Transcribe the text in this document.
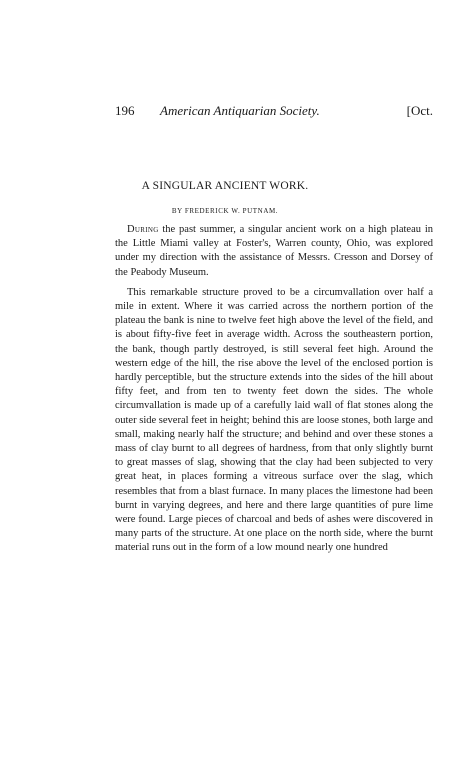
196 American Antiquarian Society.	[Oct.
A SINGULAR ANCIENT WORK.
BY FREDERICK W. PUTNAM.

During the past summer, a singular ancient work on a high plateau in the Little Miami valley at Foster's, Warren county, Ohio, was explored under my direction with the assistance of Messrs. Cresson and Dorsey of the Peabody Museum.

This remarkable structure proved to be a circumvallation over half a mile in extent. Where it was carried across the northern portion of the plateau the bank is nine to twelve feet high above the level of the field, and is about fifty-five feet in average width. Across the southeastern portion, the bank, though partly destroyed, is still several feet high. Around the western edge of the hill, the rise above the level of the enclosed portion is hardly perceptible, but the structure extends into the sides of the hill about fifty feet, and from ten to twenty feet down the sides. The whole circumvallation is made up of a carefully laid wall of flat stones along the outer side several feet in height; behind this are loose stones, both large and small, making nearly half the structure; and behind and over these stones a mass of clay burnt to all degrees of hardness, from that only slightly burnt to great masses of slag, showing that the clay had been subjected to very great heat, in places forming a vitreous surface over the slag, which resembles that from a blast furnace. In many places the limestone had been burnt in varying degrees, and here and there large quantities of pure lime were found. Large pieces of charcoal and beds of ashes were discovered in many parts of the structure. At one place on the north side, where the burnt material runs out in the form of a low mound nearly one hundred
